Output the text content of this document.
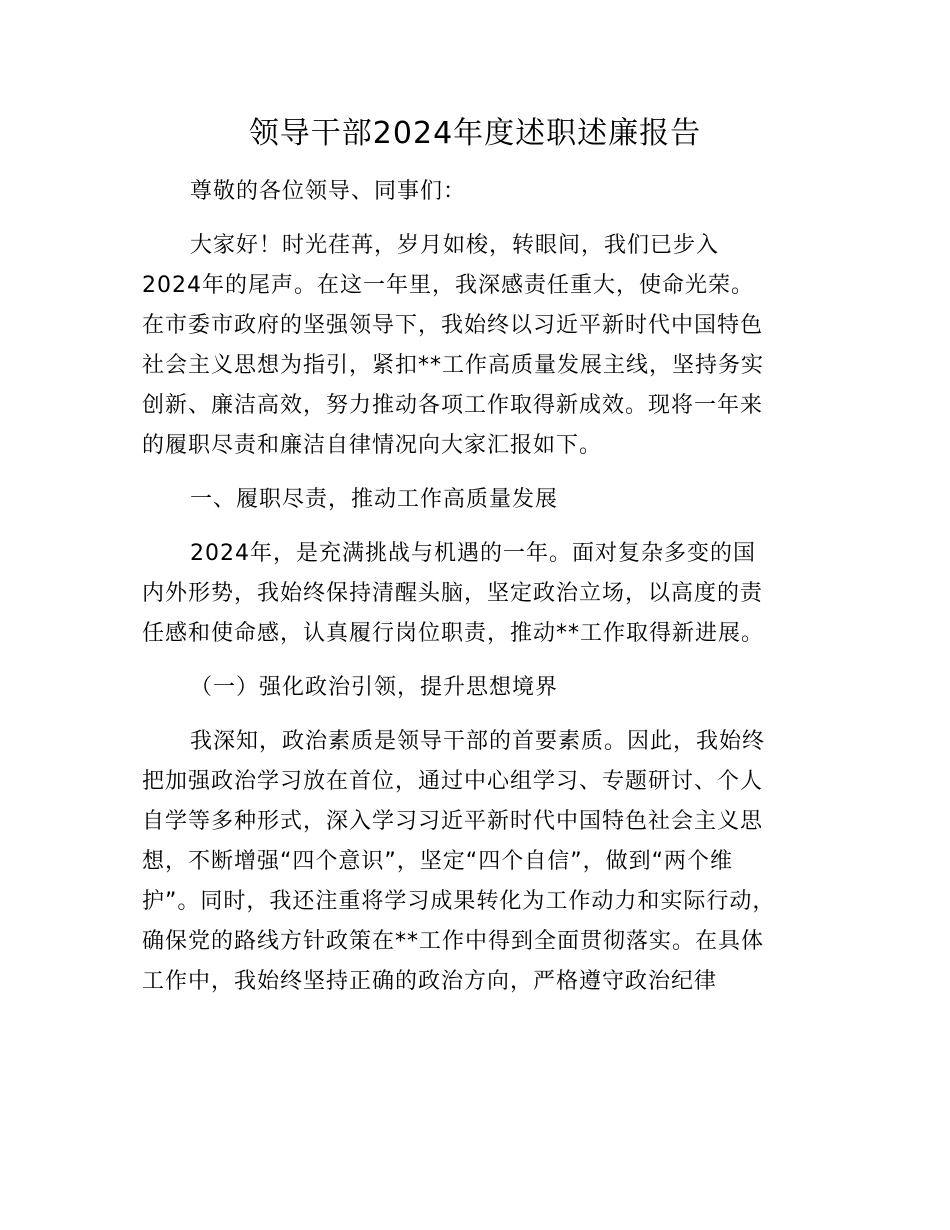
领导干部2024年度述职述廉报告
尊敬的各位领导、同事们：
大家好！时光荏苒，岁月如梭，转眼间，我们已步入
2024年的尾声。在这一年里，我深感责任重大，使命光荣。
在市委市政府的坚强领导下，我始终以习近平新时代中国特色
社会主义思想为指引，紧扣**工作高质量发展主线，坚持务实
创新、廉洁高效，努力推动各项工作取得新成效。现将一年来
的履职尽责和廉洁自律情况向大家汇报如下。
一、履职尽责，推动工作高质量发展
2024年，是充满挑战与机遇的一年。面对复杂多变的国
内外形势，我始终保持清醒头脑，坚定政治立场，以高度的责
任感和使命感，认真履行岗位职责，推动**工作取得新进展。
（一）强化政治引领，提升思想境界
我深知，政治素质是领导干部的首要素质。因此，我始终
把加强政治学习放在首位，通过中心组学习、专题研讨、个人
自学等多种形式，深入学习习近平新时代中国特色社会主义思
想，不断增强“四个意识”，坚定“四个自信”，做到“两个维
护”。同时，我还注重将学习成果转化为工作动力和实际行动，
确保党的路线方针政策在**工作中得到全面贯彻落实。在具体
工作中，我始终坚持正确的政治方向，严格遵守政治纪律
